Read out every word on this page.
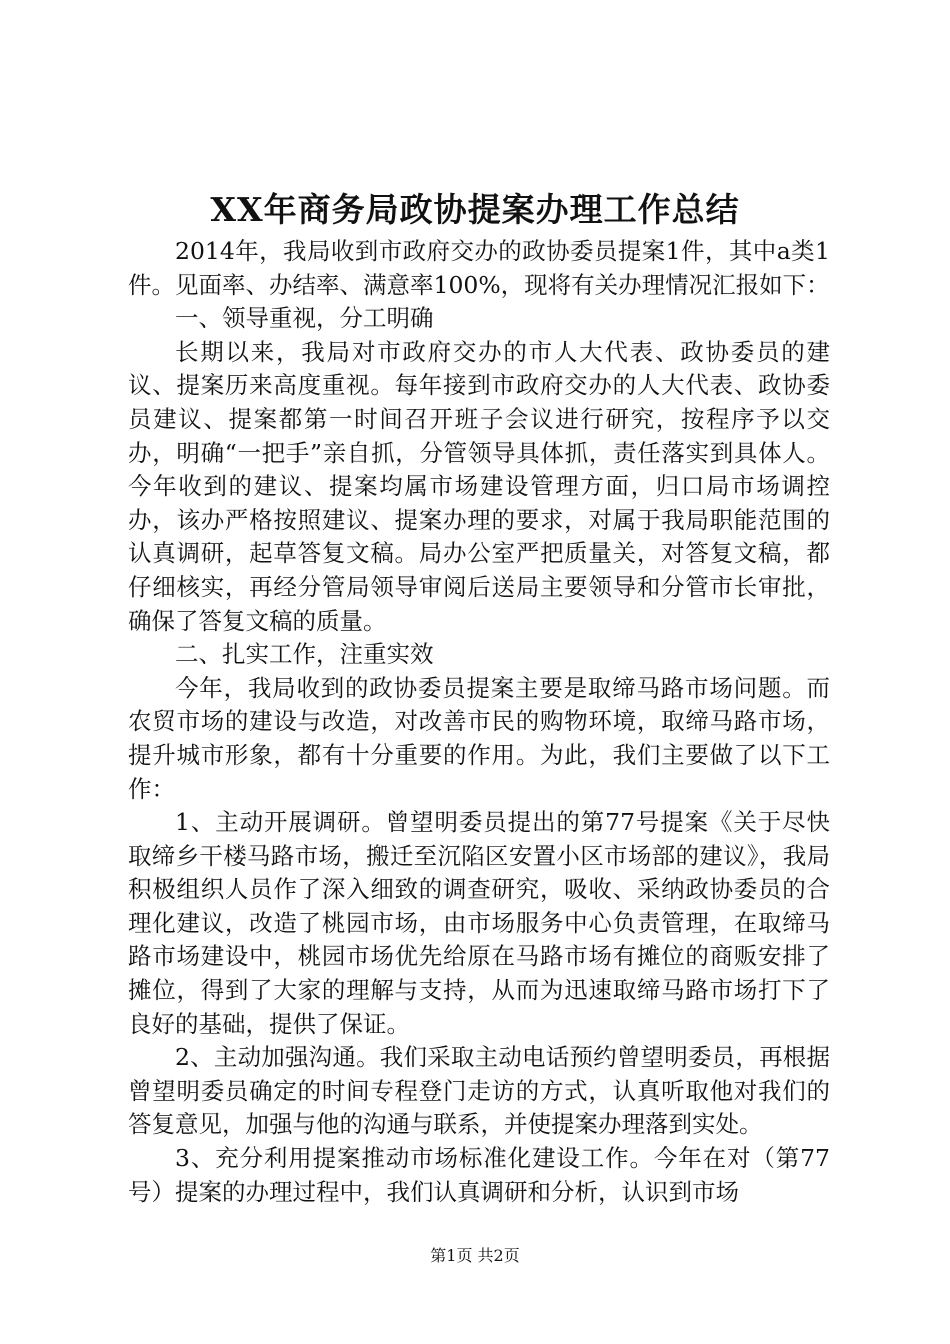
XX年商务局政协提案办理工作总结

2014年，我局收到市政府交办的政协委员提案1件，其中a类1件。见面率、办结率、满意率100%，现将有关办理情况汇报如下：

一、领导重视，分工明确

长期以来，我局对市政府交办的市人大代表、政协委员的建议、提案历来高度重视。每年接到市政府交办的人大代表、政协委员建议、提案都第一时间召开班子会议进行研究，按程序予以交办，明确“一把手”亲自抓，分管领导具体抓，责任落实到具体人。今年收到的建议、提案均属市场建设管理方面，归口局市场调控办，该办严格按照建议、提案办理的要求，对属于我局职能范围的认真调研，起草答复文稿。局办公室严把质量关，对答复文稿，都仔细核实，再经分管局领导审阅后送局主要领导和分管市长审批，确保了答复文稿的质量。

二、扎实工作，注重实效

今年，我局收到的政协委员提案主要是取缔马路市场问题。而农贸市场的建设与改造，对改善市民的购物环境，取缔马路市场，提升城市形象，都有十分重要的作用。为此，我们主要做了以下工作：

1、主动开展调研。曾望明委员提出的第77号提案《关于尽快取缔乡干楼马路市场，搬迁至沉陷区安置小区市场部的建议》，我局积极组织人员作了深入细致的调查研究，吸收、采纳政协委员的合理化建议，改造了桃园市场，由市场服务中心负责管理，在取缔马路市场建设中，桃园市场优先给原在马路市场有摊位的商贩安排了摊位，得到了大家的理解与支持，从而为迅速取缔马路市场打下了良好的基础，提供了保证。

2、主动加强沟通。我们采取主动电话预约曾望明委员，再根据曾望明委员确定的时间专程登门走访的方式，认真听取他对我们的答复意见，加强与他的沟通与联系，并使提案办理落到实处。

3、充分利用提案推动市场标准化建设工作。今年在对（第77号）提案的办理过程中，我们认真调研和分析，认识到市场

第1页 共2页
